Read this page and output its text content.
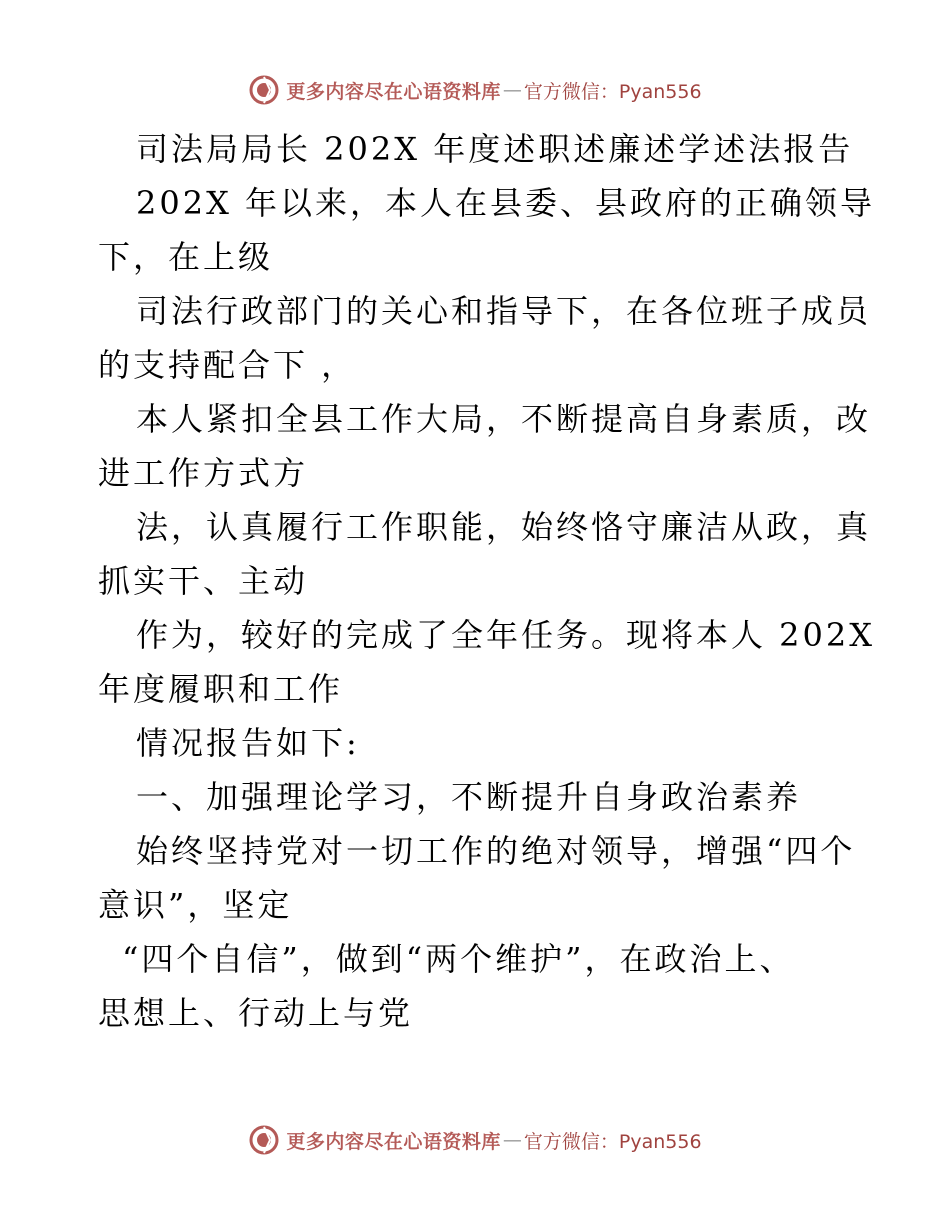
更多内容尽在心语资料库 — 官方微信：Pyan556
司法局局长 202X 年度述职述廉述学述法报告
202X 年以来，本人在县委、县政府的正确领导
下，在上级
司法行政部门的关心和指导下，在各位班子成员
的支持配合下 ，
本人紧扣全县工作大局，不断提高自身素质，改
进工作方式方
法，认真履行工作职能，始终恪守廉洁从政，真
抓实干、主动
作为，较好的完成了全年任务。现将本人 202X
年度履职和工作
情况报告如下:
一、加强理论学习，不断提升自身政治素养
始终坚持党对一切工作的绝对领导，增强“四个
意识”，坚定
“四个自信”，做到“两个维护”，在政治上、
思想上、行动上与党
更多内容尽在心语资料库 — 官方微信：Pyan556
